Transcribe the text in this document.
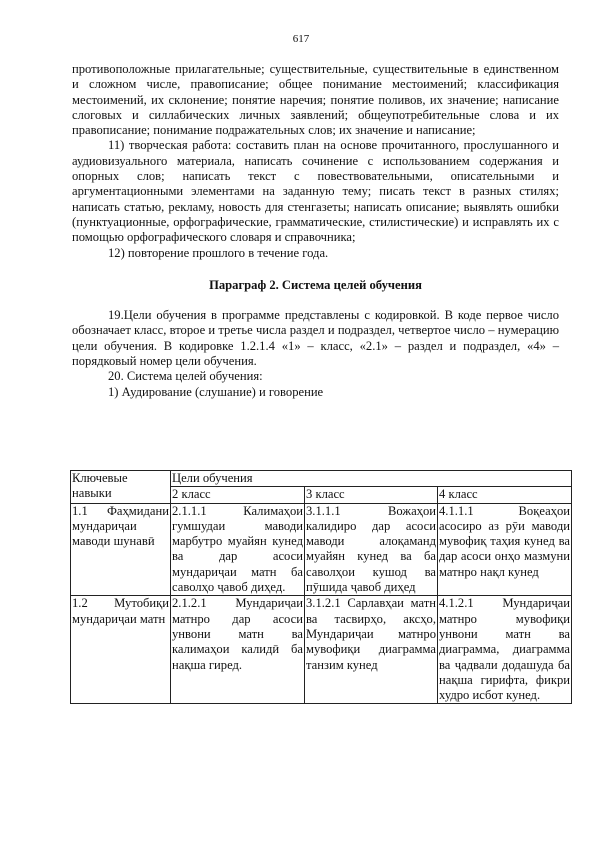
617

противоположные прилагательные; существительные, существительные в единственном и сложном числе, правописание; общее понимание местоимений; классификация местоимений, их склонение; понятие наречия; понятие поливов, их значение; написание слоговых и силлабических личных заявлений; общеупотребительные слова и их правописание; понимание подражательных слов; их значение и написание;

11) творческая работа: составить план на основе прочитанного, прослушанного и аудиовизуального материала, написать сочинение с использованием содержания и опорных слов; написать текст с повествовательными, описательными и аргументационными элементами на заданную тему; писать текст в разных стилях; написать статью, рекламу, новость для стенгазеты; написать описание; выявлять ошибки (пунктуационные, орфографические, грамматические, стилистические) и исправлять их с помощью орфографического словаря и справочника;

12) повторение прошлого в течение года.

Параграф 2. Система целей обучения

19.Цели обучения в программе представлены с кодировкой. В коде первое число обозначает класс, второе и третье числа раздел и подраздел, четвертое число – нумерацию цели обучения. В кодировке 1.2.1.4 «1» – класс, «2.1» – раздел и подраздел, «4» – порядковый номер цели обучения.

20. Система целей обучения:

1) Аудирование (слушание) и говорение

Ключевые навыки	Цели обучения		
	2 класс	3 класс	4 класс
1.1 Фаҳмидани мундариҷаи маводи шунавӣ	2.1.1.1 Калимаҳои гумшудаи маводи марбутро муайян кунед ва дар асоси мундариҷаи матн ба саволҳо ҷавоб диҳед.	3.1.1.1 Вожаҳои калидиро дар асоси маводи алоқаманд муайян кунед ва ба саволҳои кушод ва пӯшида ҷавоб диҳед	4.1.1.1 Воқеаҳои асосиро аз рӯи маводи мувофиқ таҳия кунед ва дар асоси онҳо мазмуни матнро нақл кунед
1.2 Мутобиқи мундариҷаи матн	2.1.2.1 Мундариҷаи матнро дар асоси унвони матн ва калимаҳои калидӣ ба нақша гиред.	3.1.2.1 Сарлавҳаи матн ва тасвирҳо, аксҳо, Мундариҷаи матнро мувофиқи диаграмма танзим кунед	4.1.2.1 Мундариҷаи матнро мувофиқи унвони матн ва диаграмма, диаграмма ва ҷадвали додашуда ба нақша гирифта, фикри худро исбот кунед.
